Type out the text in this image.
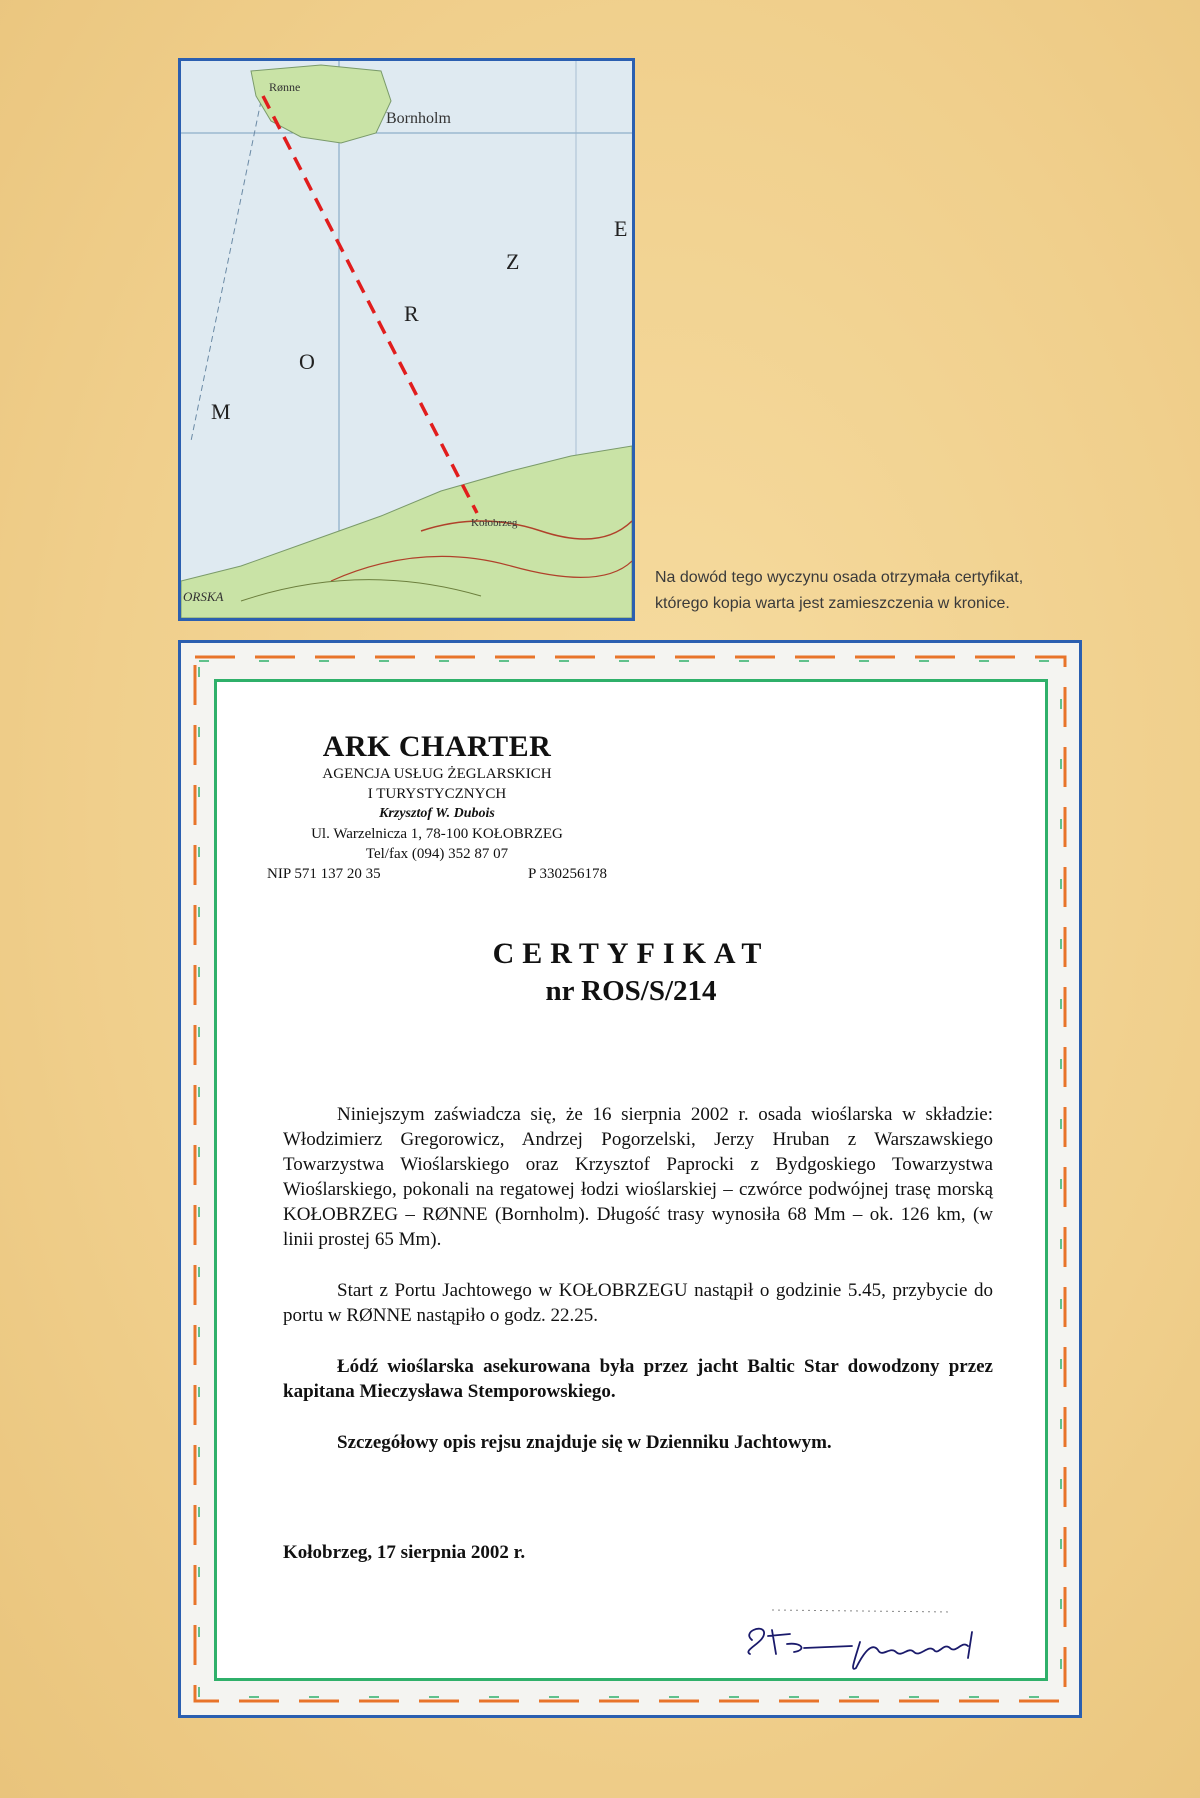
Rønne
Bornholm
Kołobrzeg
M
O
R
Z
E
ORSKA
Na dowód tego wyczynu osada otrzymała certyfikat,
którego kopia warta jest zamieszczenia w kronice.
ARK CHARTER
AGENCJA USŁUG ŻEGLARSKICH
I TURYSTYCZNYCH
Krzysztof W. Dubois
Ul. Warzelnicza 1, 78-100 KOŁOBRZEG
Tel/fax (094) 352 87 07
NIP 571 137 20 35	P 330256178
CERTYFIKAT
nr ROS/S/214

Niniejszym zaświadcza się, że 16 sierpnia 2002 r. osada wioślarska w składzie: Włodzimierz Gregorowicz, Andrzej Pogorzelski, Jerzy Hruban z Warszawskiego Towarzystwa Wioślarskiego oraz Krzysztof Paprocki z Bydgoskiego Towarzystwa Wioślarskiego, pokonali na regatowej łodzi wioślarskiej – czwórce podwójnej trasę morską KOŁOBRZEG – RØNNE (Bornholm). Długość trasy wynosiła 68 Mm – ok. 126 km, (w linii prostej 65 Mm).

Start z Portu Jachtowego w KOŁOBRZEGU nastąpił o godzinie 5.45, przybycie do portu w RØNNE nastąpiło o godz. 22.25.

Łódź wioślarska asekurowana była przez jacht Baltic Star dowodzony przez kapitana Mieczysława Stemporowskiego.

Szczegółowy opis rejsu znajduje się w Dzienniku Jachtowym.

Kołobrzeg, 17 sierpnia 2002 r.
